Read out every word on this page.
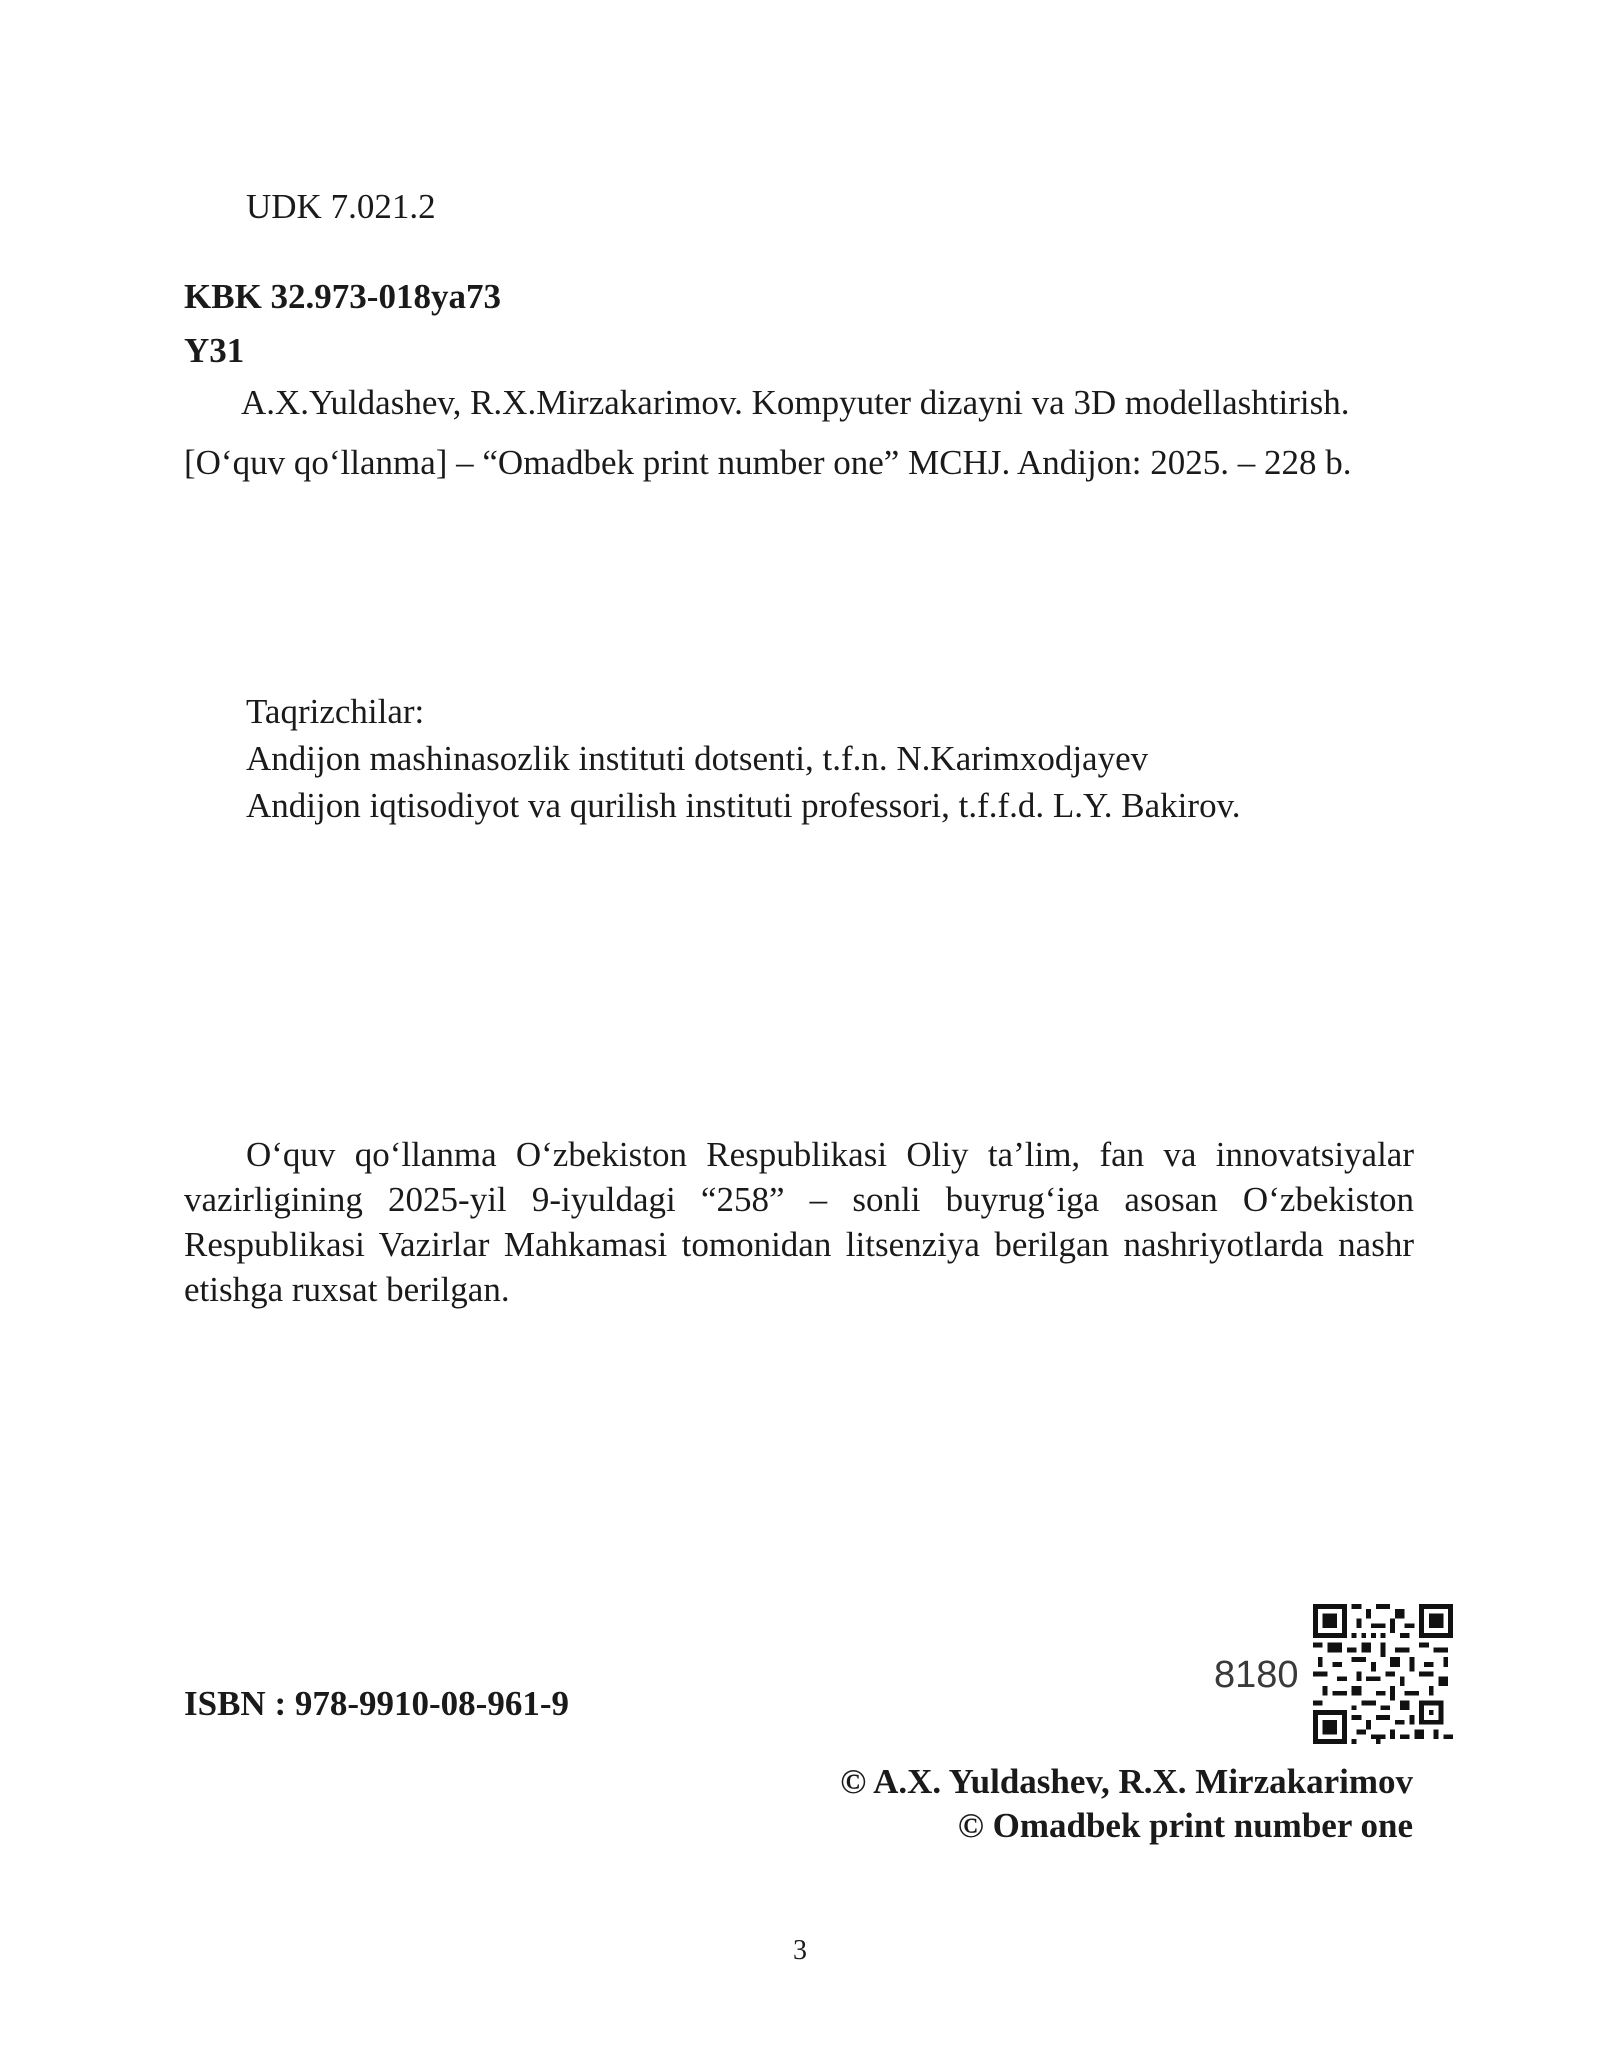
UDK 7.021.2
KBK 32.973-018ya73
Y31
A.X.Yuldashev, R.X.Mirzakarimov. Kompyuter dizayni va 3D modellashtirish.
[O‘quv qo‘llanma] – “Omadbek print number one” MCHJ. Andijon: 2025. – 228 b.
Taqrizchilar:
Andijon mashinasozlik instituti dotsenti, t.f.n. N.Karimxodjayev
Andijon iqtisodiyot va qurilish instituti professori, t.f.f.d. L.Y. Bakirov.
O‘quv qo‘llanma O‘zbekiston Respublikasi Oliy ta’lim, fan va innovatsiyalar vazirligining 2025-yil 9-iyuldagi “258” – sonli buyrug‘iga asosan O‘zbekiston Respublikasi Vazirlar Mahkamasi tomonidan litsenziya berilgan nashriyotlarda nashr etishga ruxsat berilgan.
ISBN : 978-9910-08-961-9
8180
© A.X. Yuldashev, R.X. Mirzakarimov
© Omadbek print number one
3
